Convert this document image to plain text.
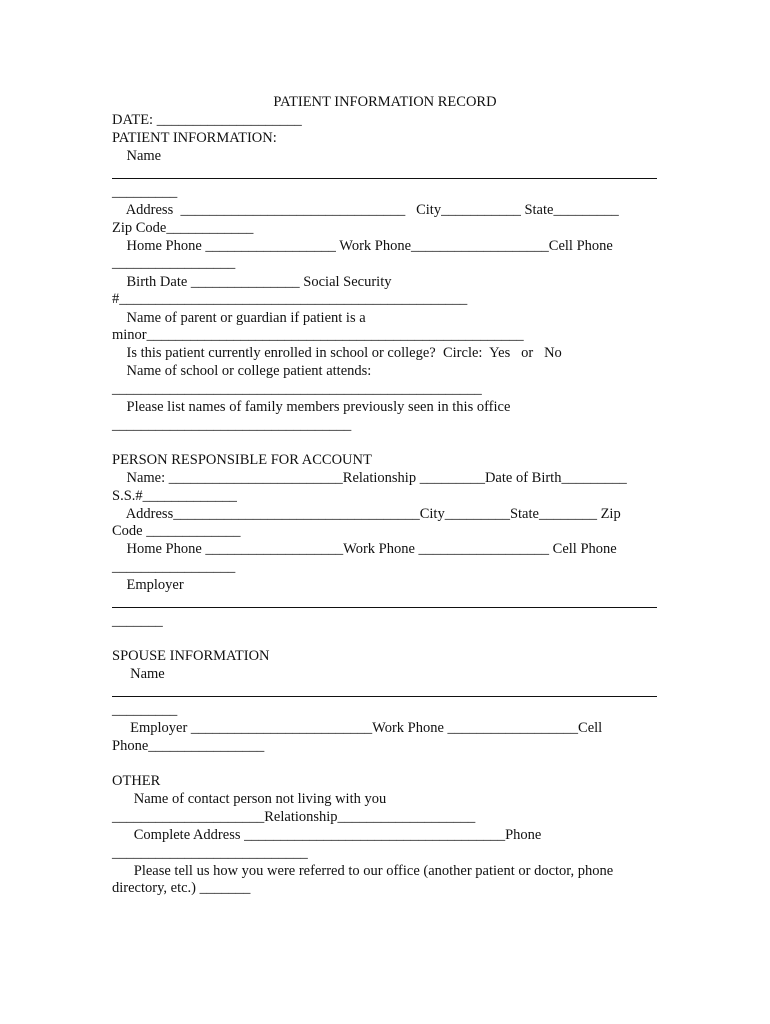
PATIENT INFORMATION RECORD
DATE: ____________________
PATIENT INFORMATION:
Name
_________
Address  _______________________________   City___________ State_________
Zip Code____________
Home Phone __________________ Work Phone___________________Cell Phone
_________________
Birth Date _______________ Social Security
#________________________________________________
Name of parent or guardian if patient is a
minor____________________________________________________
Is this patient currently enrolled in school or college?  Circle:  Yes   or   No
Name of school or college patient attends:
___________________________________________________
Please list names of family members previously seen in this office
_________________________________
PERSON RESPONSIBLE FOR ACCOUNT
Name: ________________________Relationship _________Date of Birth_________
S.S.#_____________
Address__________________________________City_________State________ Zip
Code _____________
Home Phone ___________________Work Phone __________________ Cell Phone
_________________
Employer
_______
SPOUSE INFORMATION
Name
_________
Employer _________________________Work Phone __________________Cell
Phone________________
OTHER
Name of contact person not living with you
_____________________Relationship___________________
Complete Address ____________________________________Phone
___________________________
Please tell us how you were referred to our office (another patient or doctor, phone
directory, etc.) _______
